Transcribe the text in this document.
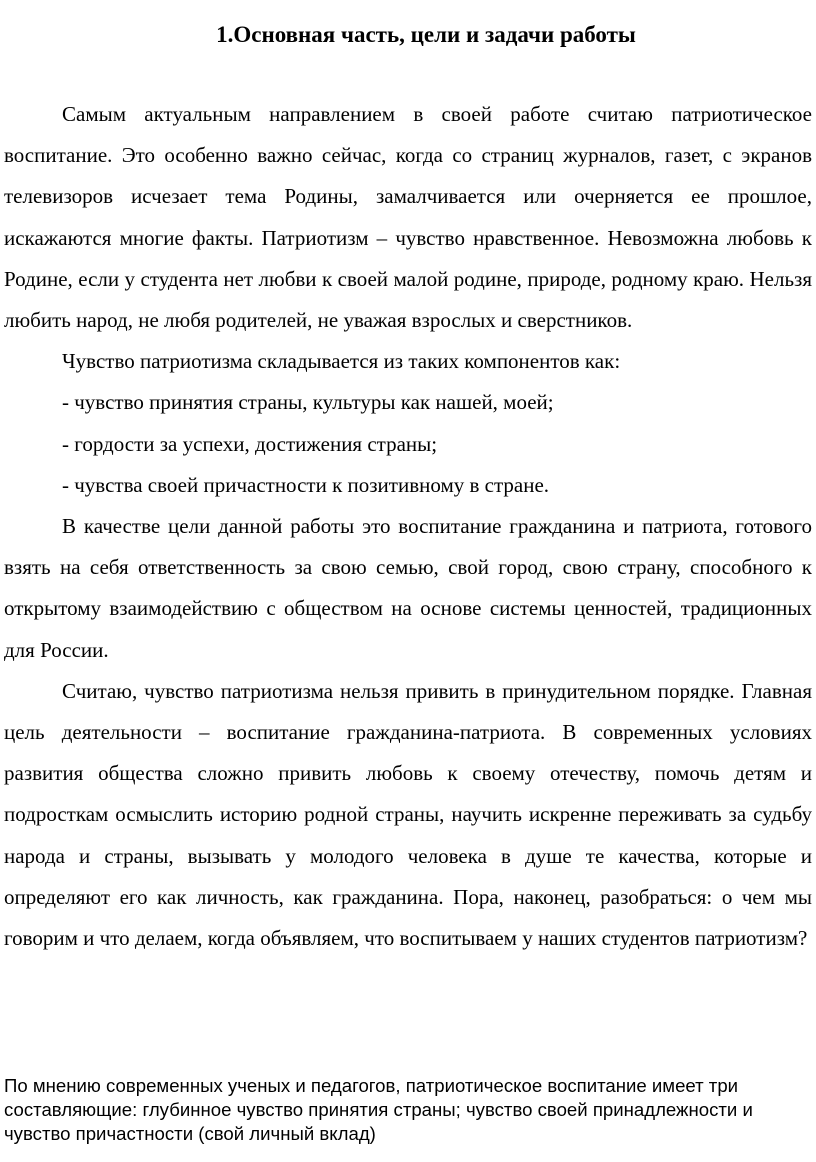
1.Основная часть, цели и задачи работы

Самым актуальным направлением в своей работе считаю патриотическое воспитание. Это особенно важно сейчас, когда со страниц журналов, газет, с экранов телевизоров исчезает тема Родины, замалчивается или очерняется ее прошлое, искажаются многие факты. Патриотизм – чувство нравственное. Невозможна любовь к Родине, если у студента нет любви к своей малой родине, природе, родному краю. Нельзя любить народ, не любя родителей, не уважая взрослых и сверстников.

Чувство патриотизма складывается из таких компонентов как:

- чувство принятия страны, культуры как нашей, моей;

- гордости за успехи, достижения страны;

- чувства своей причастности к позитивному в стране.

В качестве цели данной работы это воспитание гражданина и патриота, готового взять на себя ответственность за свою семью, свой город, свою страну, способного к открытому взаимодействию с обществом на основе системы ценностей, традиционных для России.

Считаю, чувство патриотизма нельзя привить в принудительном порядке. Главная цель деятельности – воспитание гражданина-патриота. В современных условиях развития общества сложно привить любовь к своему отечеству, помочь детям и подросткам осмыслить историю родной страны, научить искренне переживать за судьбу народа и страны, вызывать у молодого человека в душе те качества, которые и определяют его как личность, как гражданина. Пора, наконец, разобраться: о чем мы говорим и что делаем, когда объявляем, что воспитываем у наших студентов патриотизм?

По мнению современных ученых и педагогов, патриотическое воспитание имеет три составляющие: глубинное чувство принятия страны; чувство своей принадлежности и чувство причастности (свой личный вклад)
